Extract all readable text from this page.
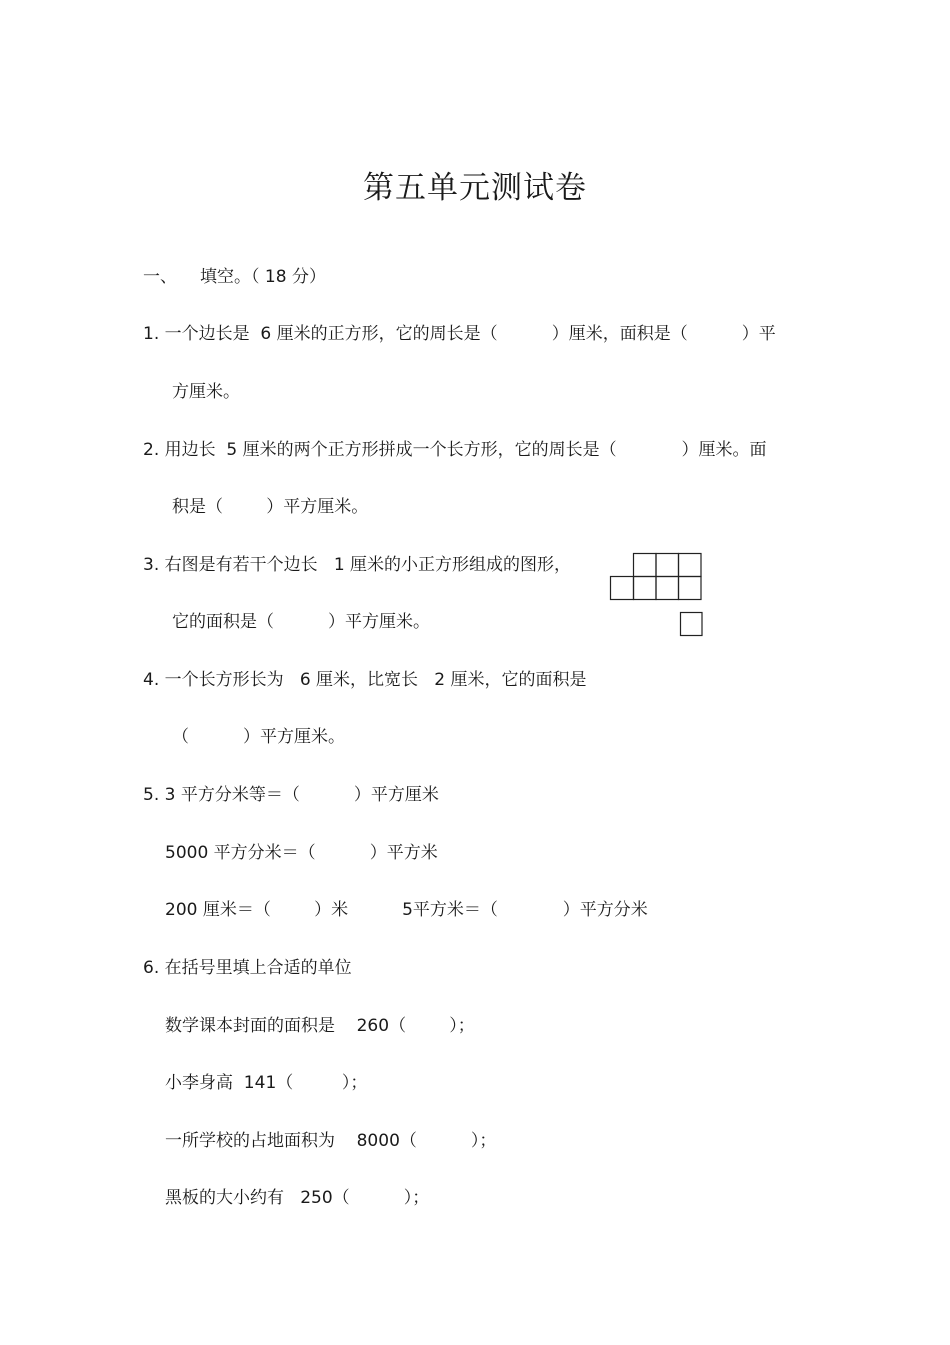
第五单元测试卷
一、 填空。（ 18 分）
1. 一个边长是  6 厘米的正方形，它的周长是（          ）厘米，面积是（          ）平
方厘米。
2. 用边长  5 厘米的两个正方形拼成一个长方形，它的周长是（            ）厘米。面
积是（        ）平方厘米。
3. 右图是有若干个边长   1 厘米的小正方形组成的图形，
它的面积是（          ）平方厘米。
4. 一个长方形长为   6 厘米，比宽长   2 厘米，它的面积是
（          ）平方厘米。
5. 3 平方分米等＝（          ）平方厘米
5000 平方分米＝（          ）平方米
200 厘米＝（        ）米          5平方米＝（            ）平方分米
6. 在括号里填上合适的单位
数学课本封面的面积是    260（        ）；
小李身高  141（         ）；
一所学校的占地面积为    8000（          ）；
黑板的大小约有   250（          ）；
